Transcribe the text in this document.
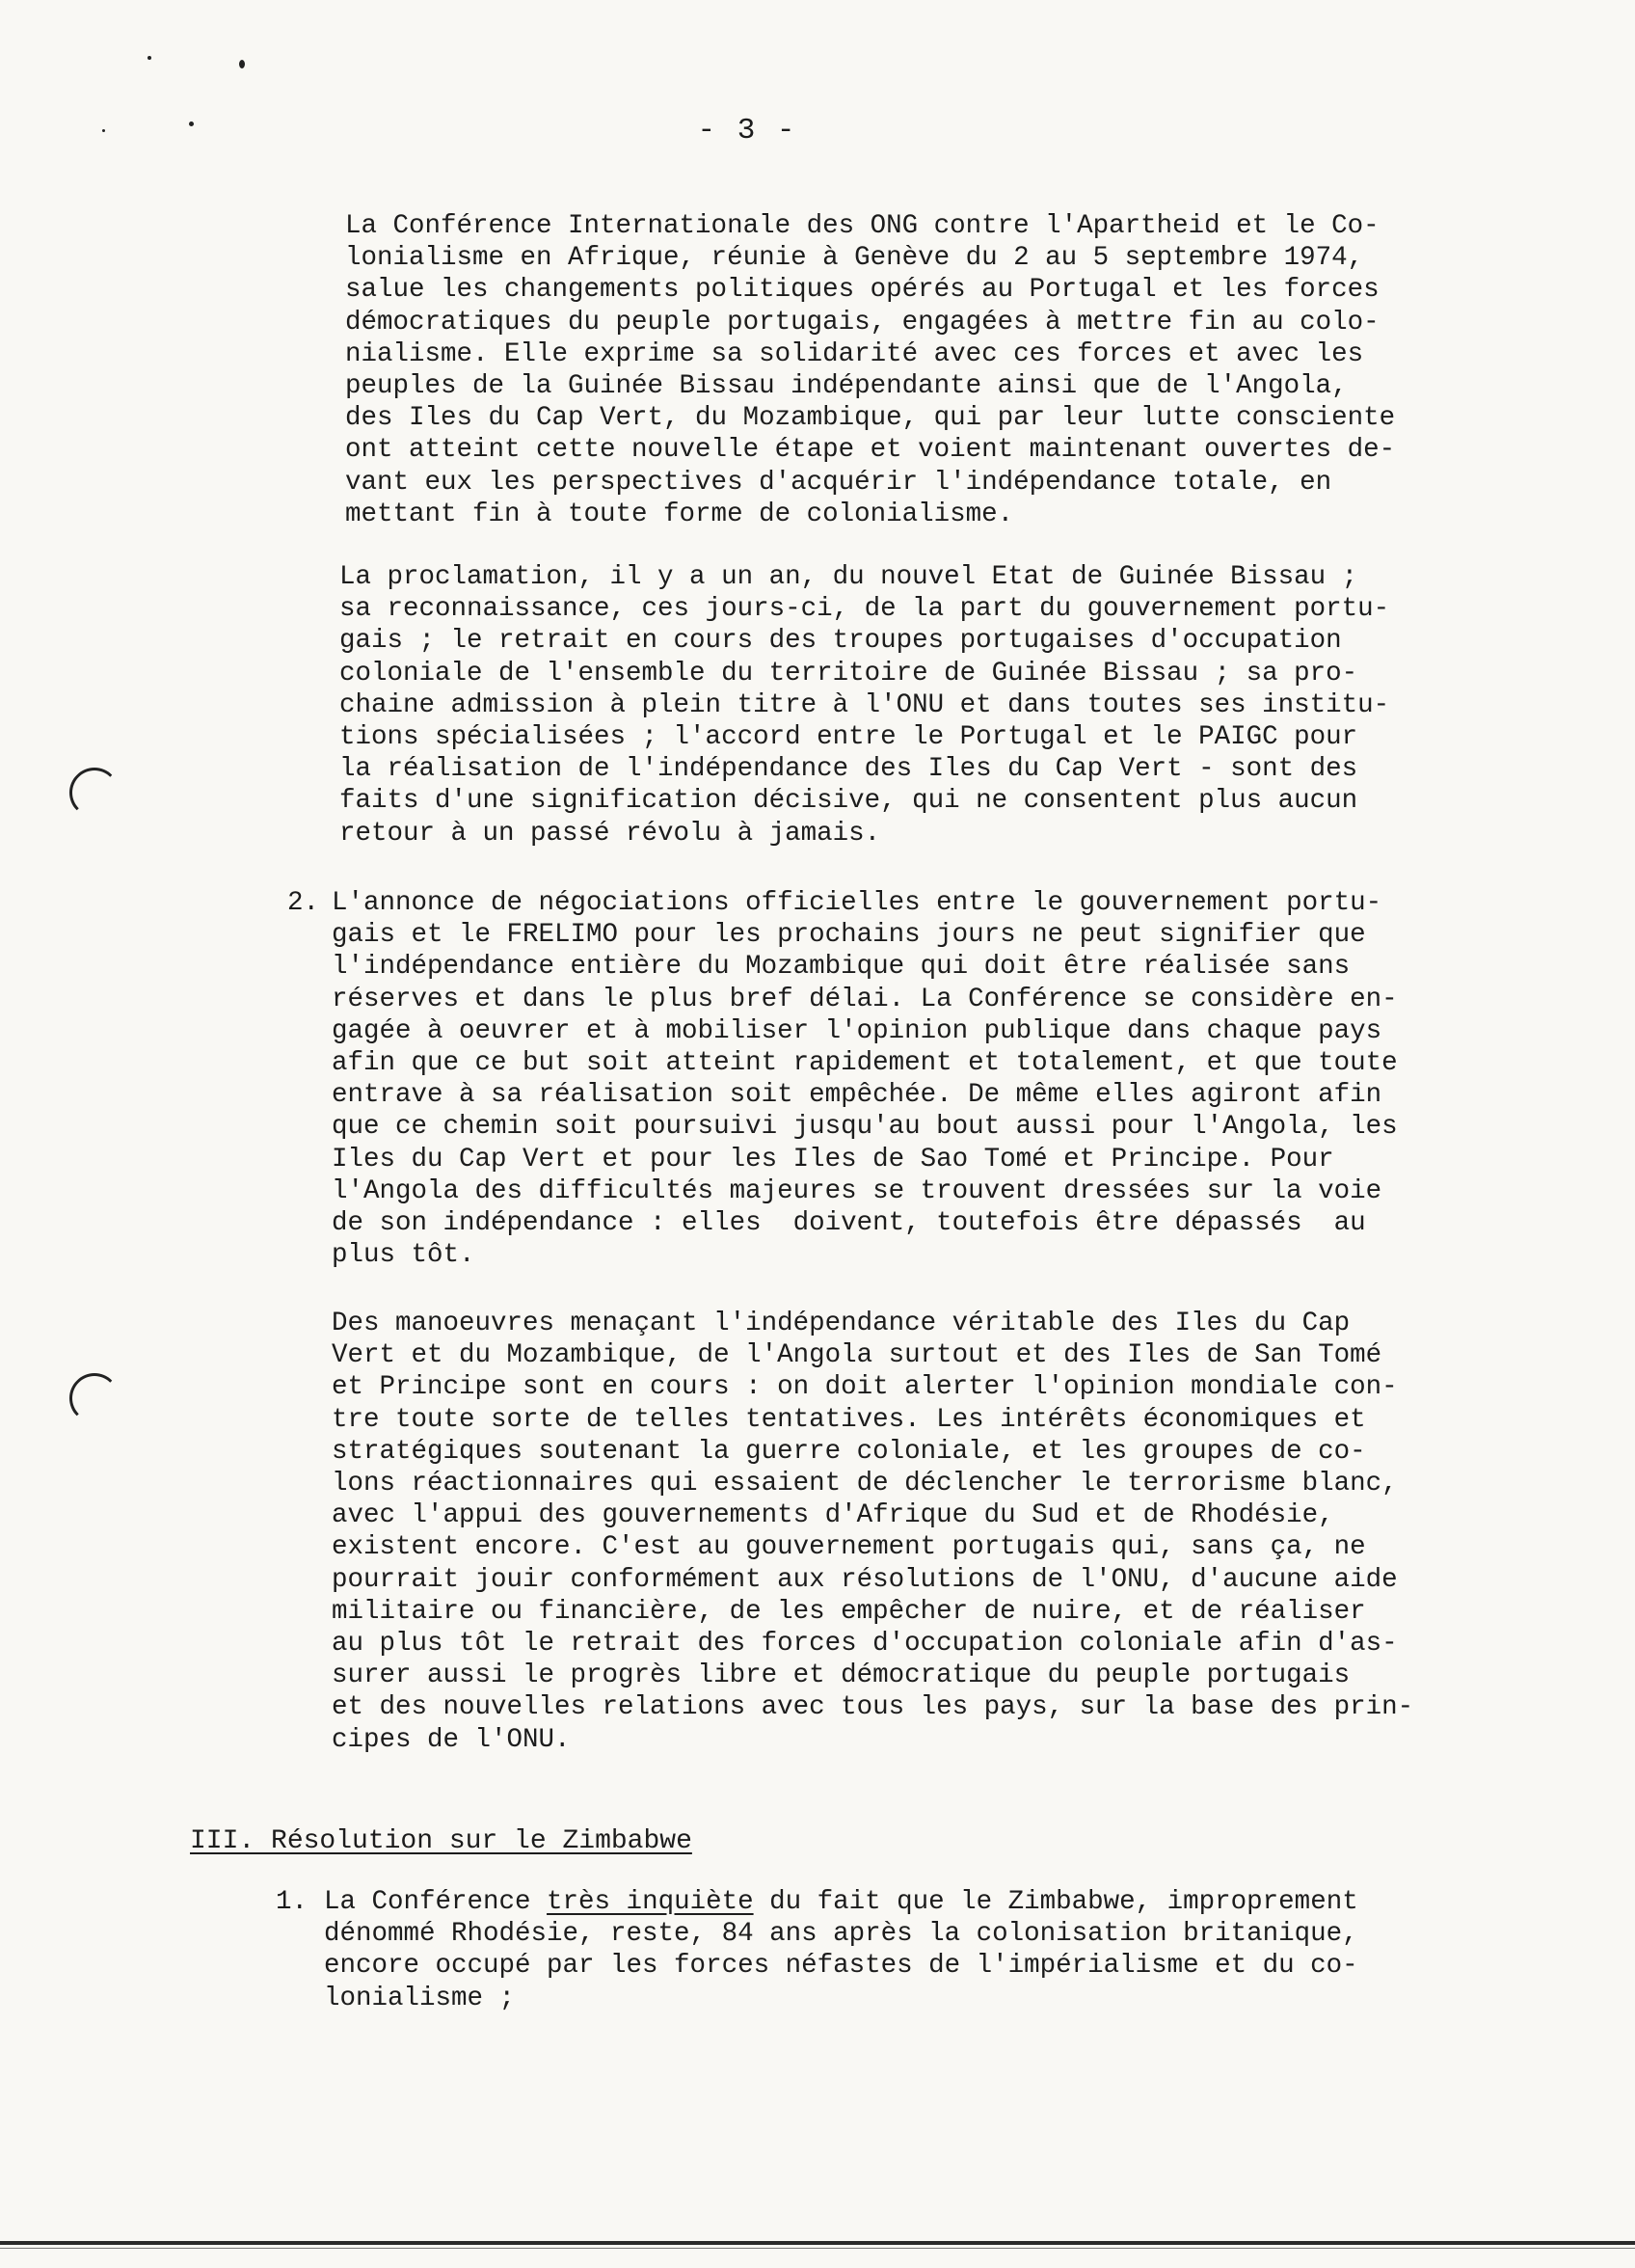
- 3 -

La Conférence Internationale des ONG contre l'Apartheid et le Co-
lonialisme en Afrique, réunie à Genève du 2 au 5 septembre 1974,
salue les changements politiques opérés au Portugal et les forces
démocratiques du peuple portugais, engagées à mettre fin au colo-
nialisme. Elle exprime sa solidarité avec ces forces et avec les
peuples de la Guinée Bissau indépendante ainsi que de l'Angola,
des Iles du Cap Vert, du Mozambique, qui par leur lutte consciente
ont atteint cette nouvelle étape et voient maintenant ouvertes de-
vant eux les perspectives d'acquérir l'indépendance totale, en
mettant fin à toute forme de colonialisme.

La proclamation, il y a un an, du nouvel Etat de Guinée Bissau ;
sa reconnaissance, ces jours-ci, de la part du gouvernement portu-
gais ; le retrait en cours des troupes portugaises d'occupation
coloniale de l'ensemble du territoire de Guinée Bissau ; sa pro-
chaine admission à plein titre à l'ONU et dans toutes ses institu-
tions spécialisées ; l'accord entre le Portugal et le PAIGC pour
la réalisation de l'indépendance des Iles du Cap Vert - sont des
faits d'une signification décisive, qui ne consentent plus aucun
retour à un passé révolu à jamais.

2. L'annonce de négociations officielles entre le gouvernement portu-
gais et le FRELIMO pour les prochains jours ne peut signifier que
l'indépendance entière du Mozambique qui doit être réalisée sans
réserves et dans le plus bref délai. La Conférence se considère en-
gagée à oeuvrer et à mobiliser l'opinion publique dans chaque pays
afin que ce but soit atteint rapidement et totalement, et que toute
entrave à sa réalisation soit empêchée. De même elles agiront afin
que ce chemin soit poursuivi jusqu'au bout aussi pour l'Angola, les
Iles du Cap Vert et pour les Iles de Sao Tomé et Principe. Pour
l'Angola des difficultés majeures se trouvent dressées sur la voie
de son indépendance : elles  doivent, toutefois être dépassés  au
plus tôt.

Des manoeuvres menaçant l'indépendance véritable des Iles du Cap
Vert et du Mozambique, de l'Angola surtout et des Iles de San Tomé
et Principe sont en cours : on doit alerter l'opinion mondiale con-
tre toute sorte de telles tentatives. Les intérêts économiques et
stratégiques soutenant la guerre coloniale, et les groupes de co-
lons réactionnaires qui essaient de déclencher le terrorisme blanc,
avec l'appui des gouvernements d'Afrique du Sud et de Rhodésie,
existent encore. C'est au gouvernement portugais qui, sans ça, ne
pourrait jouir conformément aux résolutions de l'ONU, d'aucune aide
militaire ou financière, de les empêcher de nuire, et de réaliser
au plus tôt le retrait des forces d'occupation coloniale afin d'as-
surer aussi le progrès libre et démocratique du peuple portugais
et des nouvelles relations avec tous les pays, sur la base des prin-
cipes de l'ONU.

III. Résolution sur le Zimbabwe

1. La Conférence très inquiète du fait que le Zimbabwe, improprement
dénommé Rhodésie, reste, 84 ans après la colonisation britanique,
encore occupé par les forces néfastes de l'impérialisme et du co-
lonialisme ;
